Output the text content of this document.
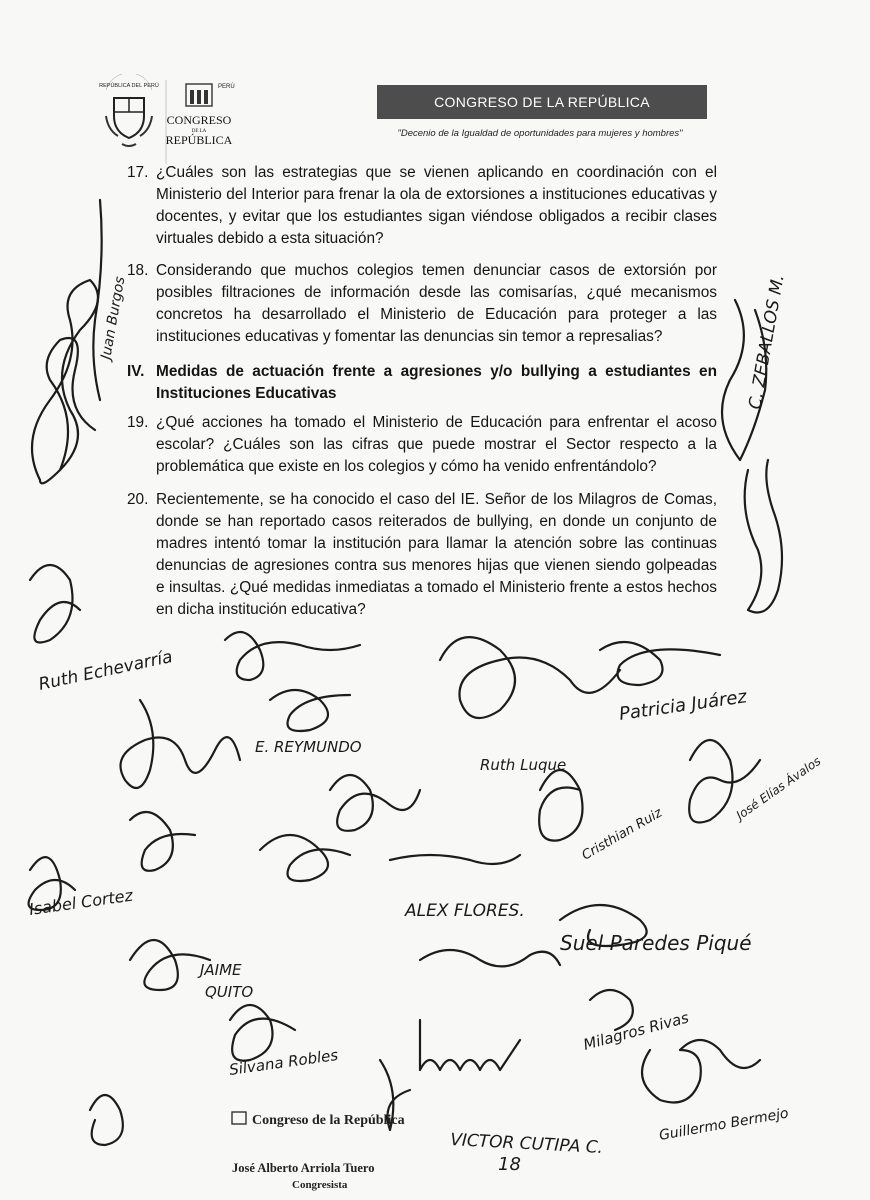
REPÚBLICA DEL PERÚ	PERÚ
CONGRESO
DE LA
REPÚBLICA
CONGRESO DE LA REPÚBLICA
"Decenio de la Igualdad de oportunidades para mujeres y hombres"
17. ¿Cuáles son las estrategias que se vienen aplicando en coordinación con el Ministerio del Interior para frenar la ola de extorsiones a instituciones educativas y docentes, y evitar que los estudiantes sigan viéndose obligados a recibir clases virtuales debido a esta situación?
18. Considerando que muchos colegios temen denunciar casos de extorsión por posibles filtraciones de información desde las comisarías, ¿qué mecanismos concretos ha desarrollado el Ministerio de Educación para proteger a las instituciones educativas y fomentar las denuncias sin temor a represalias?
IV. Medidas de actuación frente a agresiones y/o bullying a estudiantes en Instituciones Educativas
19. ¿Qué acciones ha tomado el Ministerio de Educación para enfrentar el acoso escolar? ¿Cuáles son las cifras que puede mostrar el Sector respecto a la problemática que existe en los colegios y cómo ha venido enfrentándolo?
20. Recientemente, se ha conocido el caso del IE. Señor de los Milagros de Comas, donde se han reportado casos reiterados de bullying, en donde un conjunto de madres intentó tomar la institución para llamar la atención sobre las continuas denuncias de agresiones contra sus menores hijas que vienen siendo golpeadas e insultas. ¿Qué medidas inmediatas a tomado el Ministerio frente a estos hechos en dicha institución educativa?
C. ZEBALLOS M.
JAIME
QUITO
ALEX FLORES.
Isabel Cortez
E. REYMUNDO
VICTOR CUTIPA C.
Milagros Rivas
Guillermo Bermejo
Silvana Robles
Suel Paredes Piqué
Patricia Juárez
Ruth Echevarría
Ruth Luque
Cristhian Ruiz
José Elías Ávalos
Juan Burgos
Congreso de la República
José Alberto Arriola Tuero
Congresista
18
